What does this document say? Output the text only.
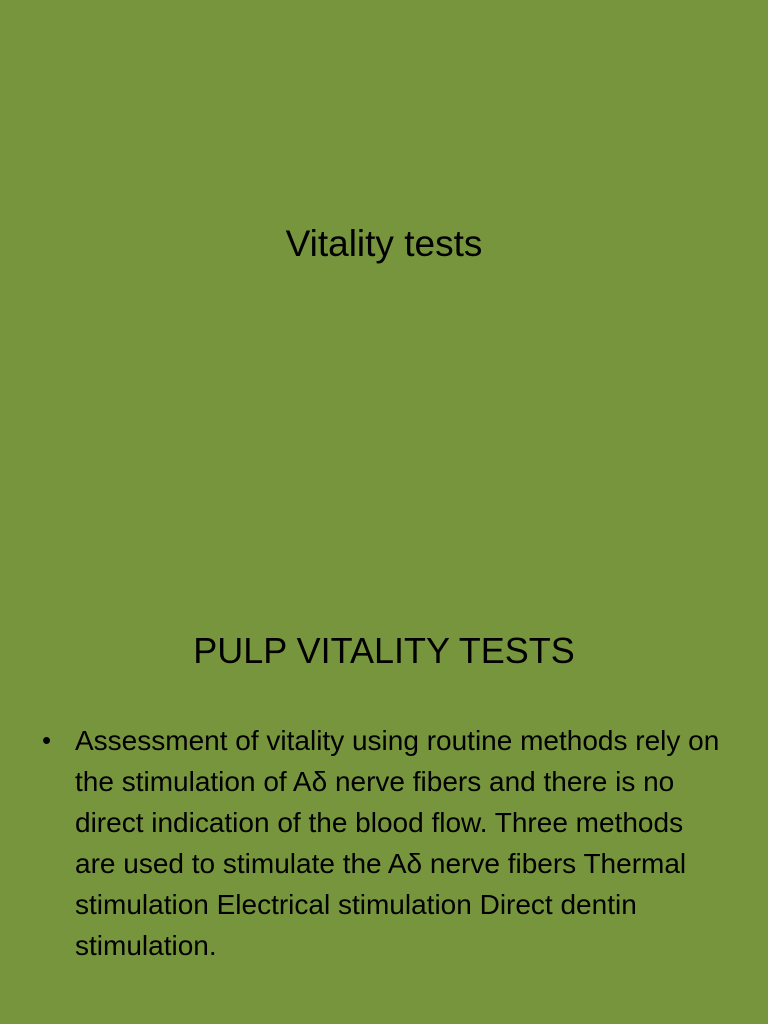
Vitality tests
PULP VITALITY TESTS
• Assessment of vitality using routine methods rely on the stimulation of Aδ nerve fibers and there is no direct indication of the blood flow. Three methods are used to stimulate the Aδ nerve fibers Thermal stimulation Electrical stimulation Direct dentin stimulation.
